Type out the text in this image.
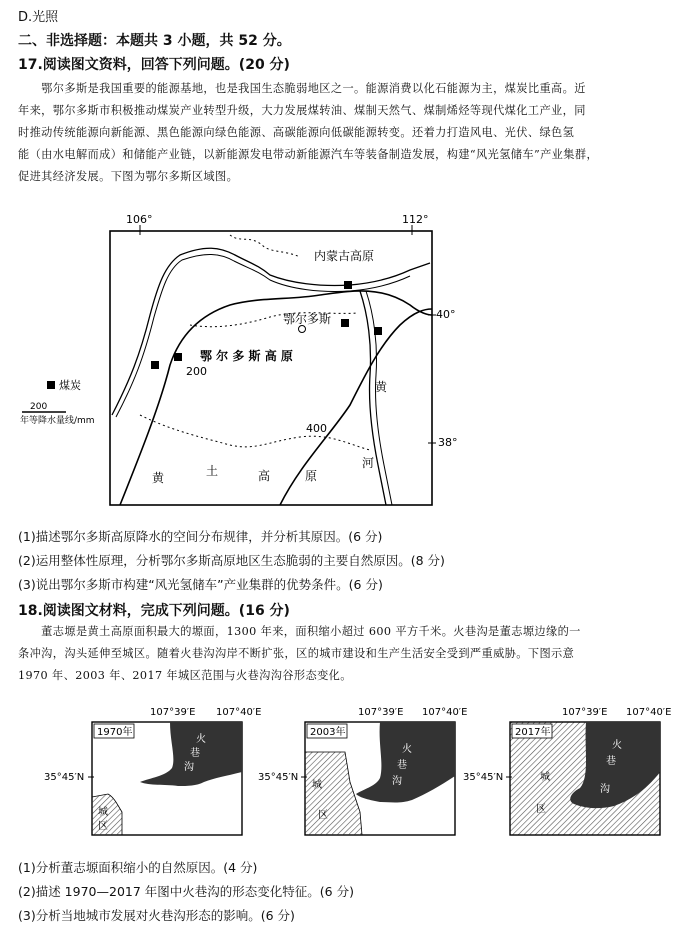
D.光照
二、非选择题：本题共 3 小题，共 52 分。
17.阅读图文资料，回答下列问题。(20 分)
　　鄂尔多斯是我国重要的能源基地，也是我国生态脆弱地区之一。能源消费以化石能源为主，煤炭比重高。近
年来，鄂尔多斯市积极推动煤炭产业转型升级，大力发展煤转油、煤制天然气、煤制烯烃等现代煤化工产业，同
时推动传统能源向新能源、黑色能源向绿色能源、高碳能源向低碳能源转变。还着力打造风电、光伏、绿色氢
能（由水电解而成）和储能产业链，以新能源发电带动新能源汽车等装备制造发展，构建“风光氢储车”产业集群，
促进其经济发展。下图为鄂尔多斯区域图。
106°	112°
40°
38°
200
400
内蒙古高原
鄂尔多斯
鄂 尔 多 斯 高 原
黄
河
黄	土	高	原
煤炭
200
年等降水量线/mm
(1)描述鄂尔多斯高原降水的空间分布规律，并分析其原因。(6 分)
(2)运用整体性原理，分析鄂尔多斯高原地区生态脆弱的主要自然原因。(8 分)
(3)说出鄂尔多斯市构建“风光氢储车”产业集群的优势条件。(6 分)
18.阅读图文材料，完成下列问题。(16 分)
　　董志塬是黄土高原面积最大的塬面，1300 年来，面积缩小超过 600 平方千米。火巷沟是董志塬边缘的一
条冲沟，沟头延伸至城区。随着火巷沟沟岸不断扩张，区的城市建设和生产生活安全受到严重威胁。下图示意
1970 年、2003 年、2017 年城区范围与火巷沟沟谷形态变化。
107°39′E 107°40′E
1970年
火
巷
沟
城
区
35°45′N
107°39′E 107°40′E
2003年
火
巷
沟
城
区
35°45′N
107°39′E 107°40′E
2017年
火
巷
沟
城
区
35°45′N
(1)分析董志塬面积缩小的自然原因。(4 分)
(2)描述 1970—2017 年图中火巷沟的形态变化特征。(6 分)
(3)分析当地城市发展对火巷沟形态的影响。(6 分)
